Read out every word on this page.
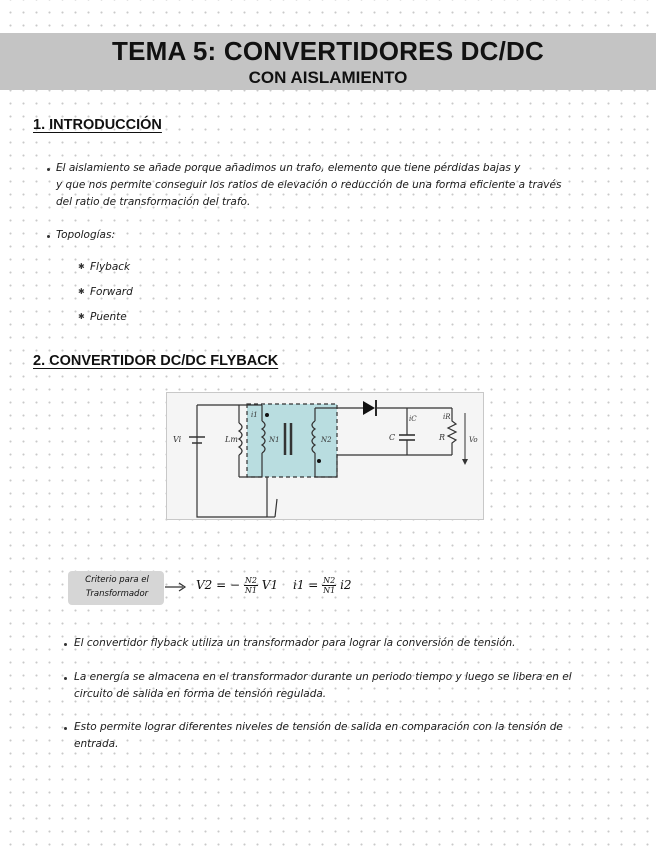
TEMA 5: CONVERTIDORES DC/DC
CON AISLAMIENTO
1. INTRODUCCIÓN
El aislamiento se añade porque añadimos un trafo, elemento que tiene pérdidas bajas y
y que nos permite conseguir los ratios de elevación o reducción de una forma eficiente a través
del ratio de transformación del trafo.
Topologías:
✱ Flyback
✱ Forward
✱ Puente
2. CONVERTIDOR DC/DC FLYBACK
Vi	Lm
i1
N1	N2
iC
C
iR
R	Vo
Criterio para el
Transformador
V2 = − $\frac{N2}{N1} V1$ $i1 = \frac{N2}{N1} i2$
El convertidor flyback utiliza un transformador para lograr la conversión de tensión.
La energía se almacena en el transformador durante un periodo tiempo y luego se libera en el
circuito de salida en forma de tensión regulada.
Esto permite lograr diferentes niveles de tensión de salida en comparación con la tensión de
entrada.
